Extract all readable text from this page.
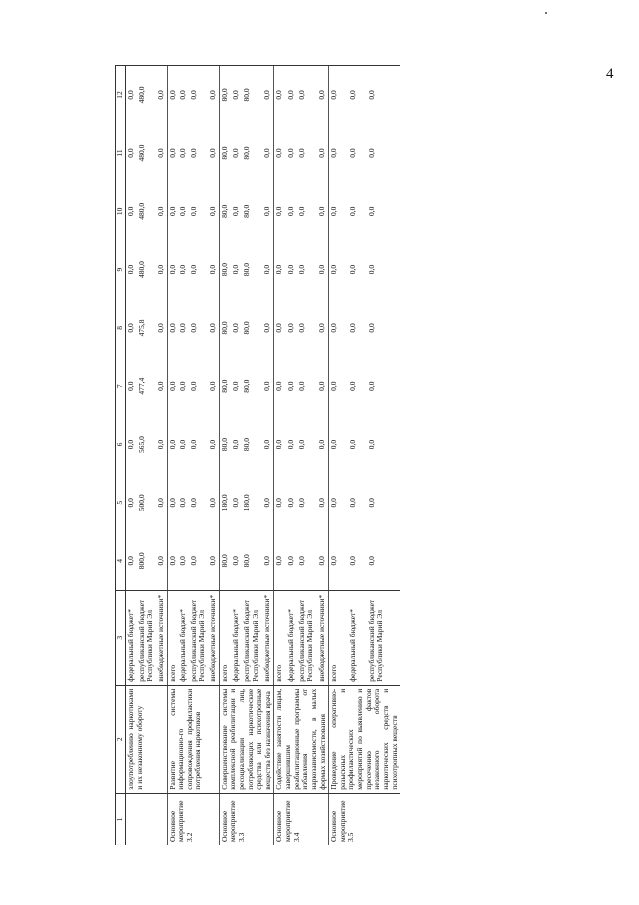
4
1	2	3	4	5	6	7	8	9	10	11	12
	злоупотреблению наркотиками и их незаконному обороту	федеральный бюджет*	0,0	0,0	0,0	0,0	0,0	0,0	0,0	0,0	0,0
		республиканский бюджет Республики Марий Эл	800,0	500,0	565,0	477,4	475,8	480,0	480,0	480,0	480,0
		внебюджетные источники*	0,0	0,0	0,0	0,0	0,0	0,0	0,0	0,0	0,0
Основное мероприятие 3.2	Развитие системы информационно-го сопровождения профилактики потребления наркотиков	всего	0,0	0,0	0,0	0,0	0,0	0,0	0,0	0,0	0,0
		федеральный бюджет*	0,0	0,0	0,0	0,0	0,0	0,0	0,0	0,0	0,0
		республиканский бюджет Республики Марий Эл	0,0	0,0	0,0	0,0	0,0	0,0	0,0	0,0	0,0
		внебюджетные источники*	0,0	0,0	0,0	0,0	0,0	0,0	0,0	0,0	0,0
Основное мероприятие 3.3	Совершенствование системы комплексной реабилитации и ресоциализации лиц, потребляющих наркотические средства или психотропные вещества без назначения врача	всего	80,0	180,0	80,0	80,0	80,0	80,0	80,0	80,0	80,0
		федеральный бюджет*	0,0	0,0	0,0	0,0	0,0	0,0	0,0	0,0	0,0
		республиканский бюджет Республики Марий Эл	80,0	180,0	80,0	80,0	80,0	80,0	80,0	80,0	80,0
		внебюджетные источники*	0,0	0,0	0,0	0,0	0,0	0,0	0,0	0,0	0,0
Основное мероприятие 3.4	Содействие занятости лицам, завершившим реабилитационные программы избавления от наркозависимости, в малых формах хозяйствования	всего	0,0	0,0	0,0	0,0	0,0	0,0	0,0	0,0	0,0
		федеральный бюджет*	0,0	0,0	0,0	0,0	0,0	0,0	0,0	0,0	0,0
		республиканский бюджет Республики Марий Эл	0,0	0,0	0,0	0,0	0,0	0,0	0,0	0,0	0,0
		внебюджетные источники*	0,0	0,0	0,0	0,0	0,0	0,0	0,0	0,0	0,0
Основное мероприятие 3.5	Проведение оперативно-разыскных и профилактических мероприятий по выявлению и пресечению фактов незаконного оборота наркотических средств и психотропных веществ	всего	0,0	0,0	0,0	0,0	0,0	0,0	0,0	0,0	0,0
		федеральный бюджет*	0,0	0,0	0,0	0,0	0,0	0,0	0,0	0,0	0,0
		республиканский бюджет Республики Марий Эл	0,0	0,0	0,0	0,0	0,0	0,0	0,0	0,0	0,0
